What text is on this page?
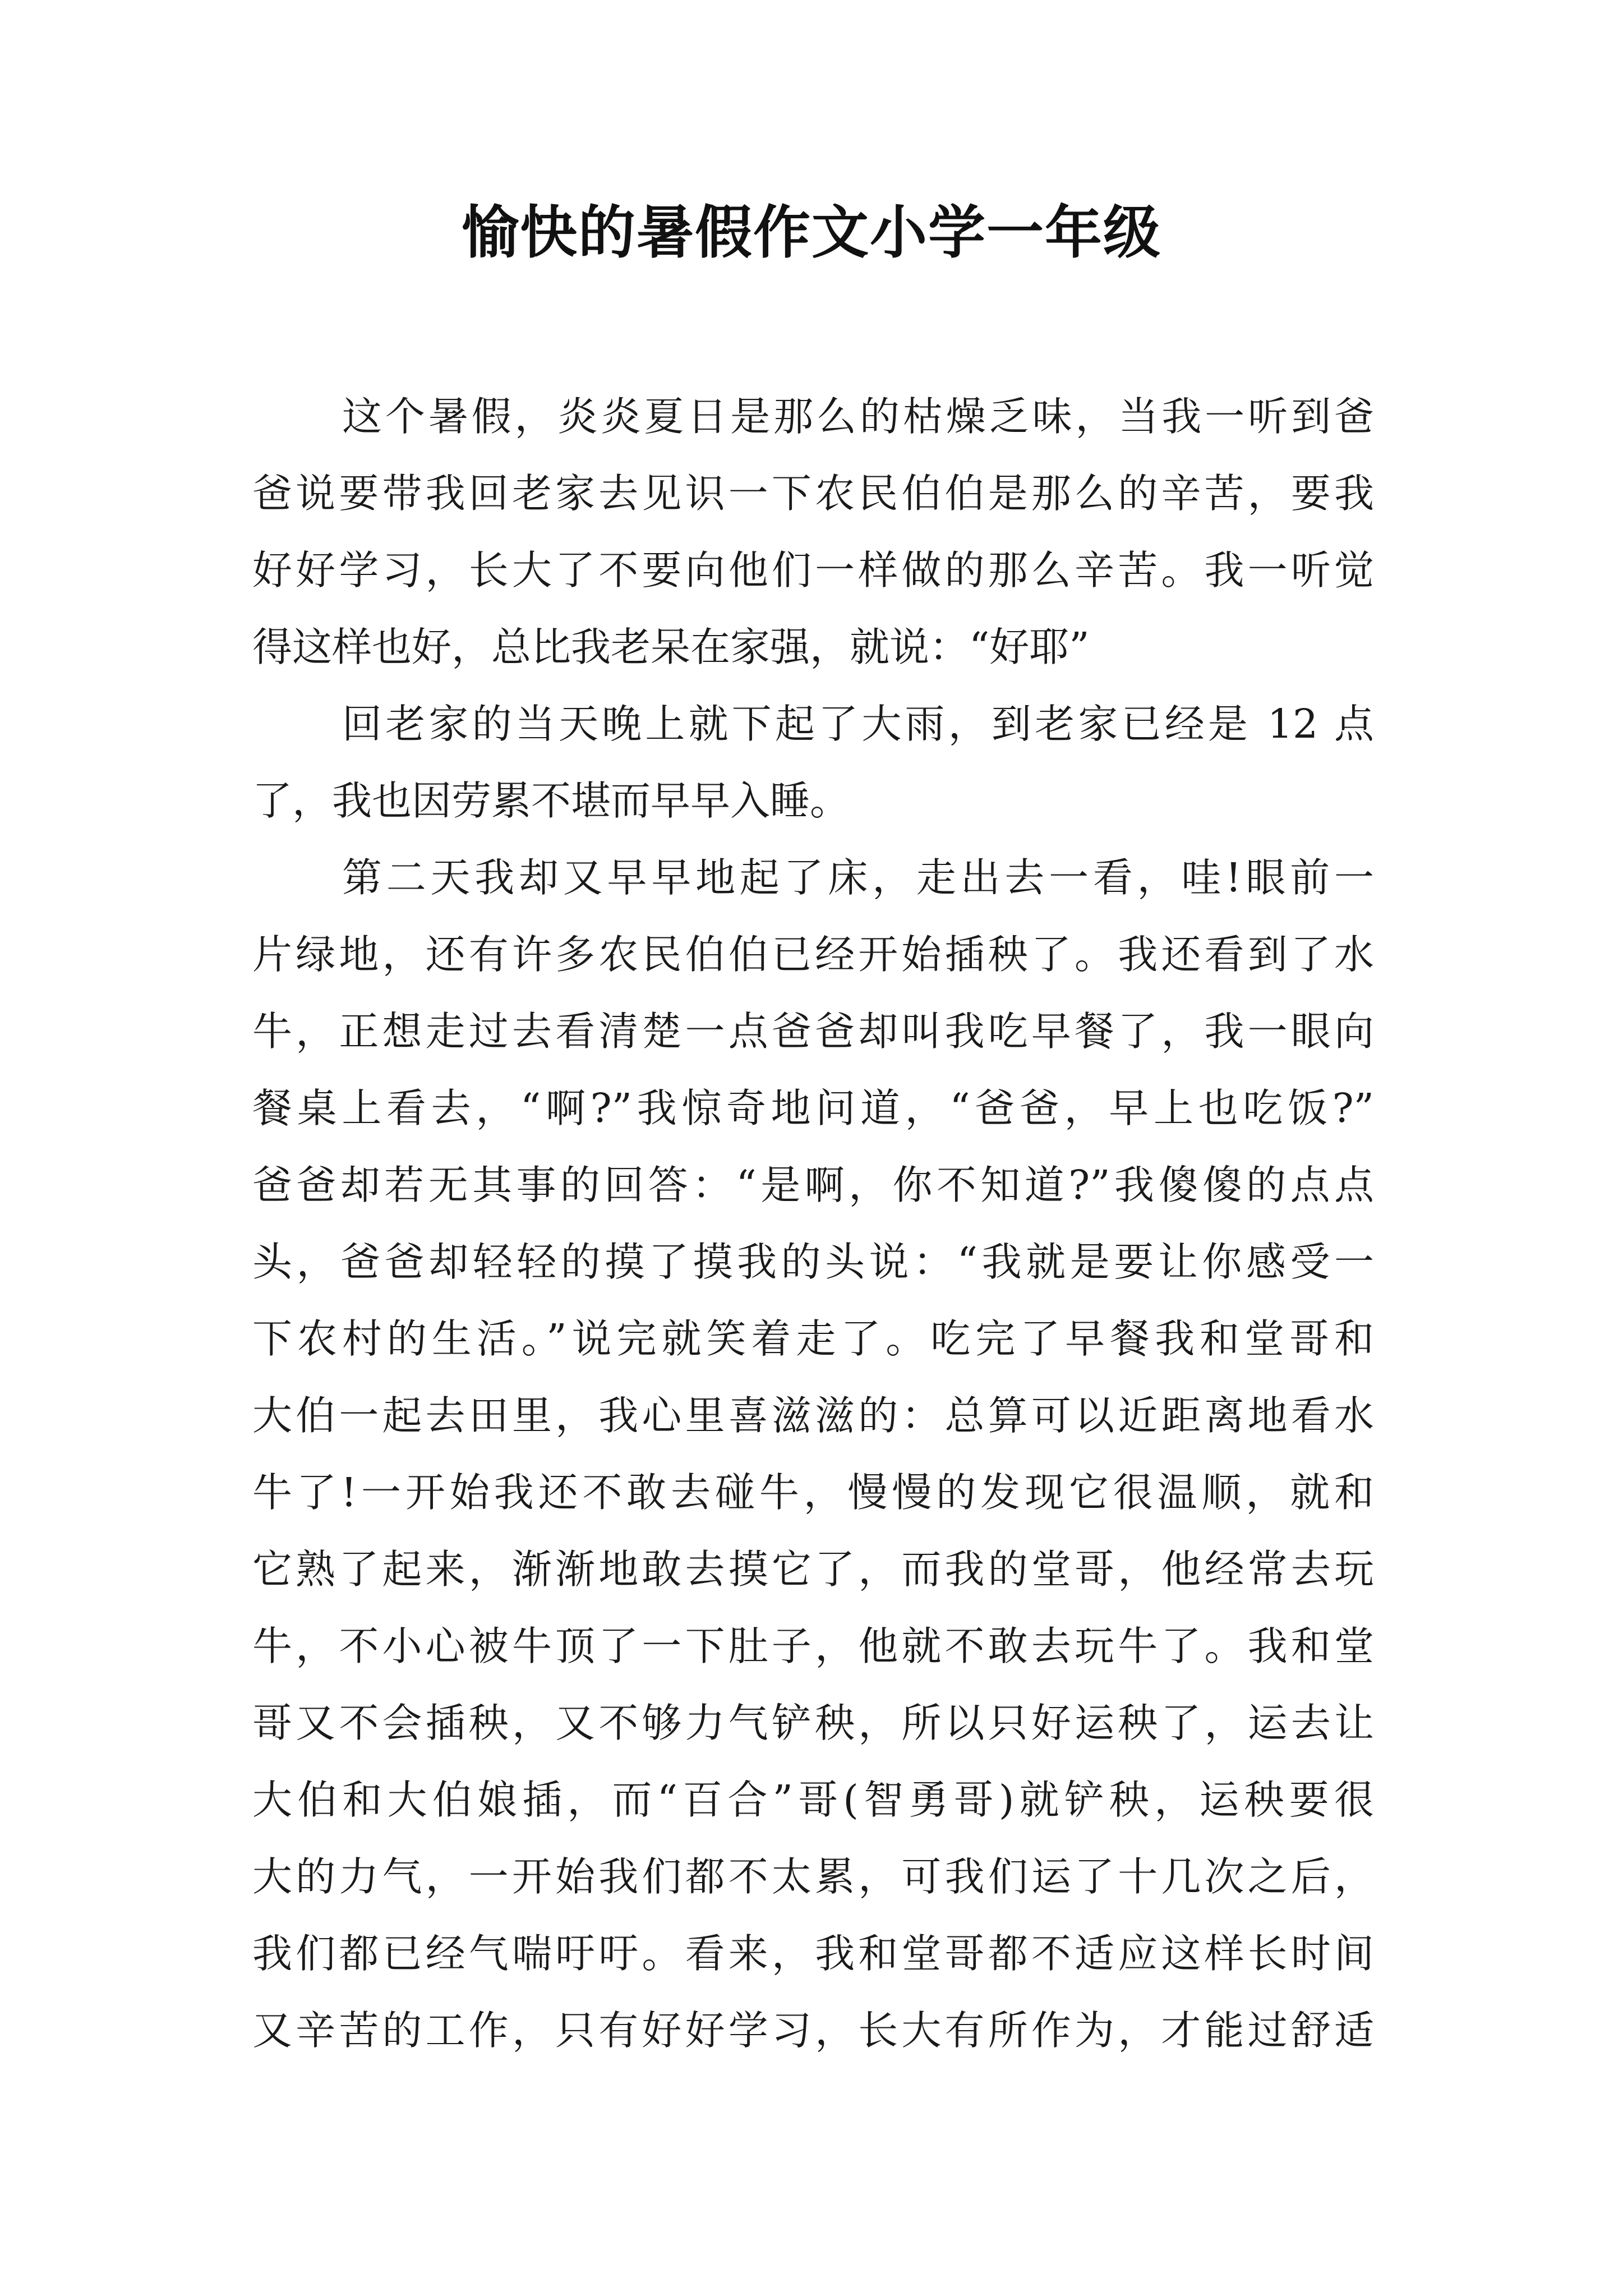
愉快的暑假作文小学一年级
这个暑假，炎炎夏日是那么的枯燥乏味，当我一听到爸
爸说要带我回老家去见识一下农民伯伯是那么的辛苦，要我
好好学习，长大了不要向他们一样做的那么辛苦。我一听觉
得这样也好，总比我老呆在家强，就说：“好耶”
回老家的当天晚上就下起了大雨，到老家已经是 12 点
了，我也因劳累不堪而早早入睡。
第二天我却又早早地起了床，走出去一看，哇!眼前一
片绿地，还有许多农民伯伯已经开始插秧了。我还看到了水
牛，正想走过去看清楚一点爸爸却叫我吃早餐了，我一眼向
餐桌上看去，“啊?”我惊奇地问道，“爸爸，早上也吃饭?”
爸爸却若无其事的回答：“是啊，你不知道?”我傻傻的点点
头，爸爸却轻轻的摸了摸我的头说：“我就是要让你感受一
下农村的生活。”说完就笑着走了。吃完了早餐我和堂哥和
大伯一起去田里，我心里喜滋滋的：总算可以近距离地看水
牛了!一开始我还不敢去碰牛，慢慢的发现它很温顺，就和
它熟了起来，渐渐地敢去摸它了，而我的堂哥，他经常去玩
牛，不小心被牛顶了一下肚子，他就不敢去玩牛了。我和堂
哥又不会插秧，又不够力气铲秧，所以只好运秧了，运去让
大伯和大伯娘插，而“百合”哥(智勇哥)就铲秧，运秧要很
大的力气，一开始我们都不太累，可我们运了十几次之后，
我们都已经气喘吁吁。看来，我和堂哥都不适应这样长时间
又辛苦的工作，只有好好学习，长大有所作为，才能过舒适
